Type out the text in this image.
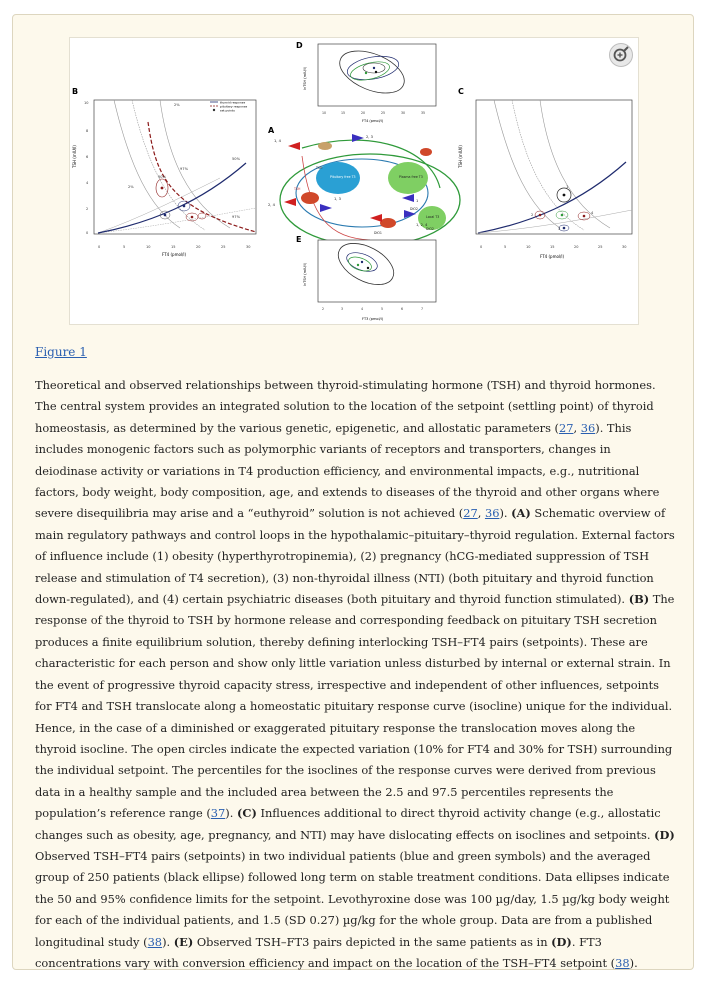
B
TSH (mIU/l)
FT4 (pmol/l)
0	5	10	15	20	25	30
0
2
4
6
8
10	thyroid response
pituitary response
set points
2%
97%
50%
2%
50%
97%
D
lnTSH (mIU/l)
FT4 (pmol/l)
10	15	20	25	30	35
A
TSH
Pituitary free T3	Plasma free T3
DIO2
Local T3
DIO2
DIO1
TSH
1, 4
2, 3
1, 3
2, 4
1, 2, 4
1
E
lnTSH (mIU/l)
FT3 (pmol/l)
2	3	4	5	6	7
C
TSH (mIU/l)
FT4 (pmol/l)
0	5	10	15	20	25	30
1
2
3
4
Figure 1
Theoretical and observed relationships between thyroid-stimulating hormone (TSH) and thyroid hormones. The central system provides an integrated solution to the location of the setpoint (settling point) of thyroid homeostasis, as determined by the various genetic, epigenetic, and allostatic parameters (27, 36). This includes monogenic factors such as polymorphic variants of receptors and transporters, changes in deiodinase activity or variations in T4 production efficiency, and environmental impacts, e.g., nutritional factors, body weight, body composition, age, and extends to diseases of the thyroid and other organs where severe disequilibria may arise and a “euthyroid” solution is not achieved (27, 36). (A) Schematic overview of main regulatory pathways and control loops in the hypothalamic–pituitary–thyroid regulation. External factors of influence include (1) obesity (hyperthyrotropinemia), (2) pregnancy (hCG-mediated suppression of TSH release and stimulation of T4 secretion), (3) non-thyroidal illness (NTI) (both pituitary and thyroid function down-regulated), and (4) certain psychiatric diseases (both pituitary and thyroid function stimulated). (B) The response of the thyroid to TSH by hormone release and corresponding feedback on pituitary TSH secretion produces a finite equilibrium solution, thereby defining interlocking TSH–FT4 pairs (setpoints). These are characteristic for each person and show only little variation unless disturbed by internal or external strain. In the event of progressive thyroid capacity stress, irrespective and independent of other influences, setpoints for FT4 and TSH translocate along a homeostatic pituitary response curve (isocline) unique for the individual. Hence, in the case of a diminished or exaggerated pituitary response the translocation moves along the thyroid isocline. The open circles indicate the expected variation (10% for FT4 and 30% for TSH) surrounding the individual setpoint. The percentiles for the isoclines of the response curves were derived from previous data in a healthy sample and the included area between the 2.5 and 97.5 percentiles represents the population’s reference range (37). (C) Influences additional to direct thyroid activity change (e.g., allostatic changes such as obesity, age, pregnancy, and NTI) may have dislocating effects on isoclines and setpoints. (D) Observed TSH–FT4 pairs (setpoints) in two individual patients (blue and green symbols) and the averaged group of 250 patients (black ellipse) followed long term on stable treatment conditions. Data ellipses indicate the 50 and 95% confidence limits for the setpoint. Levothyroxine dose was 100 µg/day, 1.5 µg/kg body weight for each of the individual patients, and 1.5 (SD 0.27) µg/kg for the whole group. Data are from a published longitudinal study (38). (E) Observed TSH–FT3 pairs depicted in the same patients as in (D). FT3 concentrations vary with conversion efficiency and impact on the location of the TSH–FT4 setpoint (38).
